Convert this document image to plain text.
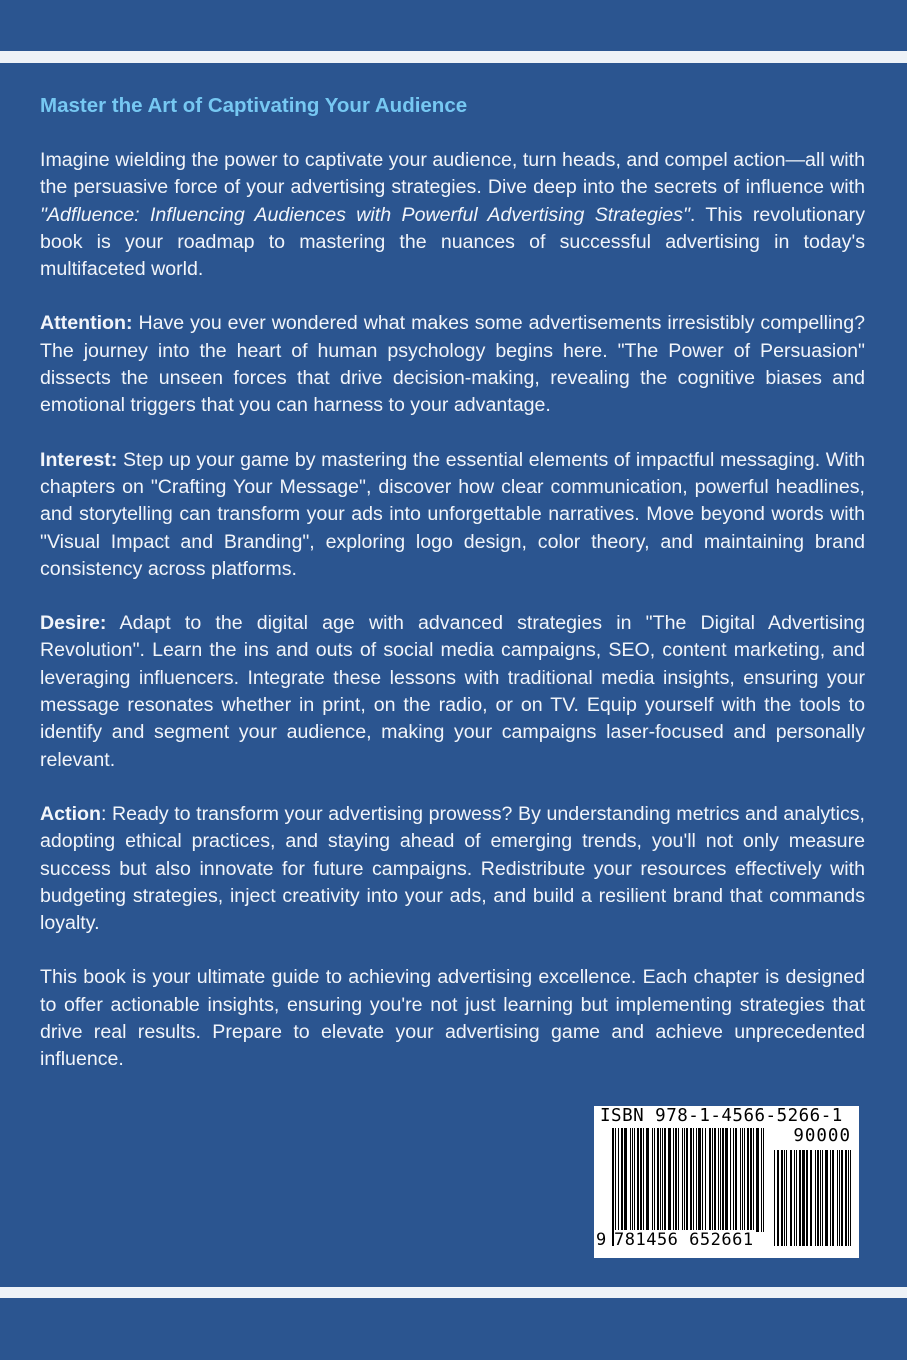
Master the Art of Captivating Your Audience

Imagine wielding the power to captivate your audience, turn heads, and compel action—all with the persuasive force of your advertising strategies. Dive deep into the secrets of influence with "Adfluence: Influencing Audiences with Powerful Advertising Strategies". This revolutionary book is your roadmap to mastering the nuances of successful advertising in today's multifaceted world.

Attention: Have you ever wondered what makes some advertisements irresistibly compelling? The journey into the heart of human psychology begins here. "The Power of Persuasion" dissects the unseen forces that drive decision-making, revealing the cognitive biases and emotional triggers that you can harness to your advantage.

Interest: Step up your game by mastering the essential elements of impactful messaging. With chapters on "Crafting Your Message", discover how clear communication, powerful headlines, and storytelling can transform your ads into unforgettable narratives. Move beyond words with "Visual Impact and Branding", exploring logo design, color theory, and maintaining brand consistency across platforms.

Desire: Adapt to the digital age with advanced strategies in "The Digital Advertising Revolution". Learn the ins and outs of social media campaigns, SEO, content marketing, and leveraging influencers. Integrate these lessons with traditional media insights, ensuring your message resonates whether in print, on the radio, or on TV. Equip yourself with the tools to identify and segment your audience, making your campaigns laser-focused and personally relevant.

Action: Ready to transform your advertising prowess? By understanding metrics and analytics, adopting ethical practices, and staying ahead of emerging trends, you'll not only measure success but also innovate for future campaigns. Redistribute your resources effectively with budgeting strategies, inject creativity into your ads, and build a resilient brand that commands loyalty.

This book is your ultimate guide to achieving advertising excellence. Each chapter is designed to offer actionable insights, ensuring you're not just learning but implementing strategies that drive real results. Prepare to elevate your advertising game and achieve unprecedented influence.

ISBN 978-1-4566-5266-1
90000
9 781456 652661
